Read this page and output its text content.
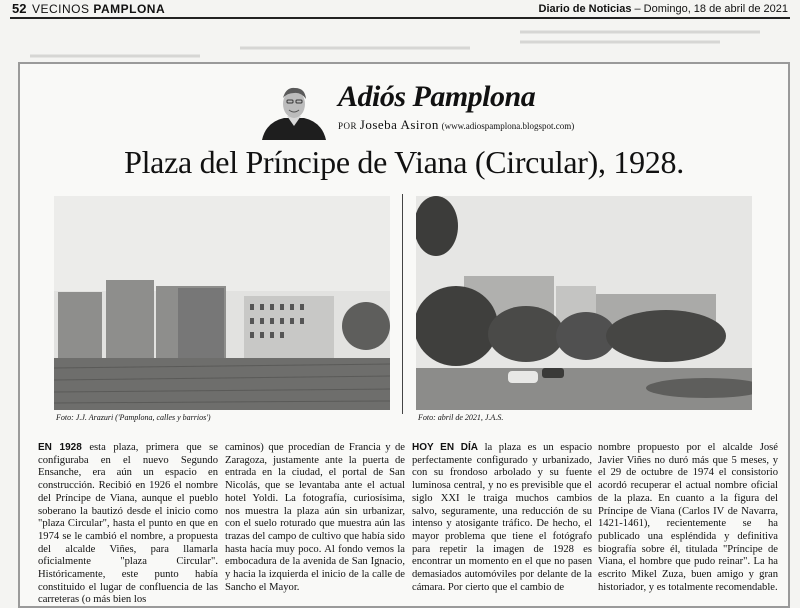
52 VECINOS PAMPLONA	Diario de Noticias – Domingo, 18 de abril de 2021
Adiós Pamplona
POR Joseba Asiron (www.adiospamplona.blogspot.com)
Plaza del Príncipe de Viana (Circular), 1928.
Foto: J.J. Arazuri ('Pamplona, calles y barrios')	Foto: abril de 2021, J.A.S.
EN 1928 esta plaza, primera que se configuraba en el nuevo Segundo Ensanche, era aún un espacio en construcción. Recibió en 1926 el nombre del Príncipe de Viana, aunque el pueblo soberano la bautizó desde el inicio como "plaza Circular", hasta el punto en que en 1974 se le cambió el nombre, a propuesta del alcalde Viñes, para llamarla oficialmente "plaza Circular". Históricamente, este punto había constituido el lugar de confluencia de las carreteras (o más bien los
caminos) que procedían de Francia y de Zaragoza, justamente ante la puerta de entrada en la ciudad, el portal de San Nicolás, que se levantaba ante el actual hotel Yoldi. La fotografía, curiosísima, nos muestra la plaza aún sin urbanizar, con el suelo roturado que muestra aún las trazas del campo de cultivo que había sido hasta hacía muy poco. Al fondo vemos la embocadura de la avenida de San Ignacio, y hacia la izquierda el inicio de la calle de Sancho el Mayor.
HOY EN DÍA la plaza es un espacio perfectamente configurado y urbanizado, con su frondoso arbolado y su fuente luminosa central, y no es previsible que el siglo XXI le traiga muchos cambios salvo, seguramente, una reducción de su intenso y atosigante tráfico. De hecho, el mayor problema que tiene el fotógrafo para repetir la imagen de 1928 es encontrar un momento en el que no pasen demasiados automóviles por delante de la cámara. Por cierto que el cambio de
nombre propuesto por el alcalde José Javier Viñes no duró más que 5 meses, y el 29 de octubre de 1974 el consistorio acordó recuperar el actual nombre oficial de la plaza. En cuanto a la figura del Príncipe de Viana (Carlos IV de Navarra, 1421-1461), recientemente se ha publicado una espléndida y definitiva biografía sobre él, titulada "Príncipe de Viana, el hombre que pudo reinar". La ha escrito Mikel Zuza, buen amigo y gran historiador, y es totalmente recomendable.
